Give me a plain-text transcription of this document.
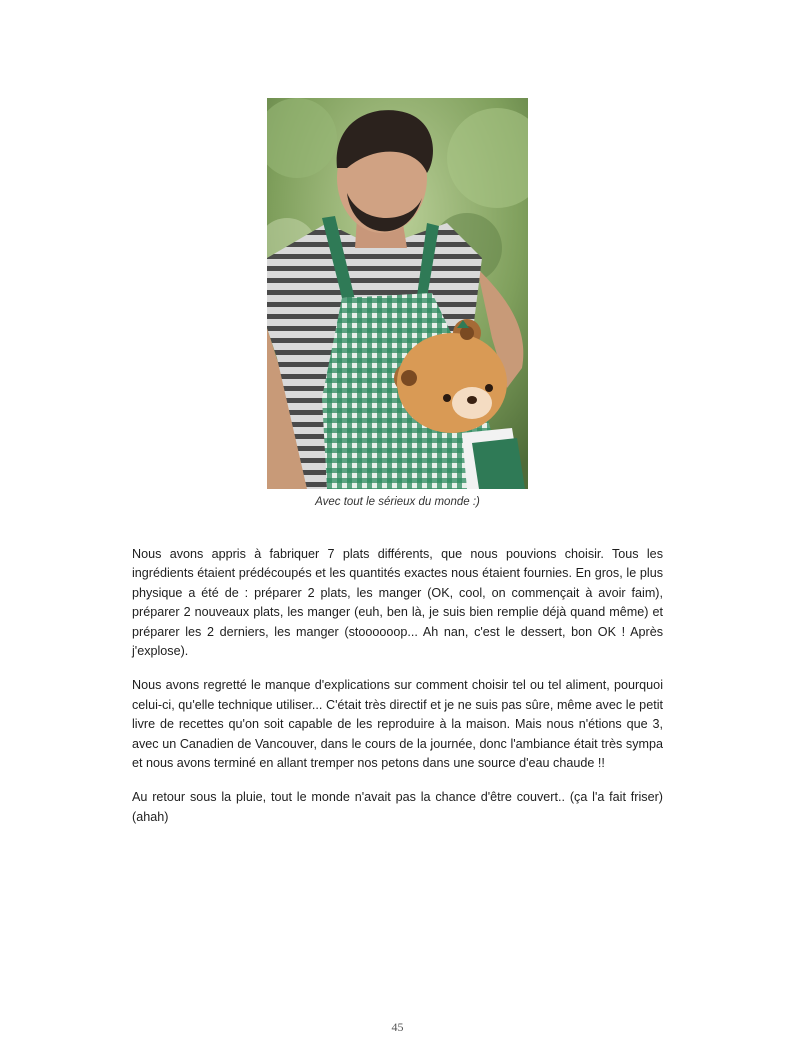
Avec tout le sérieux du monde :)

Nous avons appris à fabriquer 7 plats différents, que nous pouvions choisir. Tous les ingrédients étaient prédécoupés et les quantités exactes nous étaient fournies. En gros, le plus physique a été de : préparer 2 plats, les manger (OK, cool, on commençait à avoir faim), préparer 2 nouveaux plats, les manger (euh, ben là, je suis bien remplie déjà quand même) et préparer les 2 derniers, les manger (stoooooop... Ah nan, c'est le dessert, bon OK ! Après j'explose).

Nous avons regretté le manque d'explications sur comment choisir tel ou tel aliment, pourquoi celui-ci, qu'elle technique utiliser... C'était très directif et je ne suis pas sûre, même avec le petit livre de recettes qu'on soit capable de les reproduire à la maison. Mais nous n'étions que 3, avec un Canadien de Vancouver, dans le cours de la journée, donc l'ambiance était très sympa et nous avons terminé en allant tremper nos petons dans une source d'eau chaude !!

Au retour sous la pluie, tout le monde n'avait pas la chance d'être couvert.. (ça l'a fait friser) (ahah)

45
